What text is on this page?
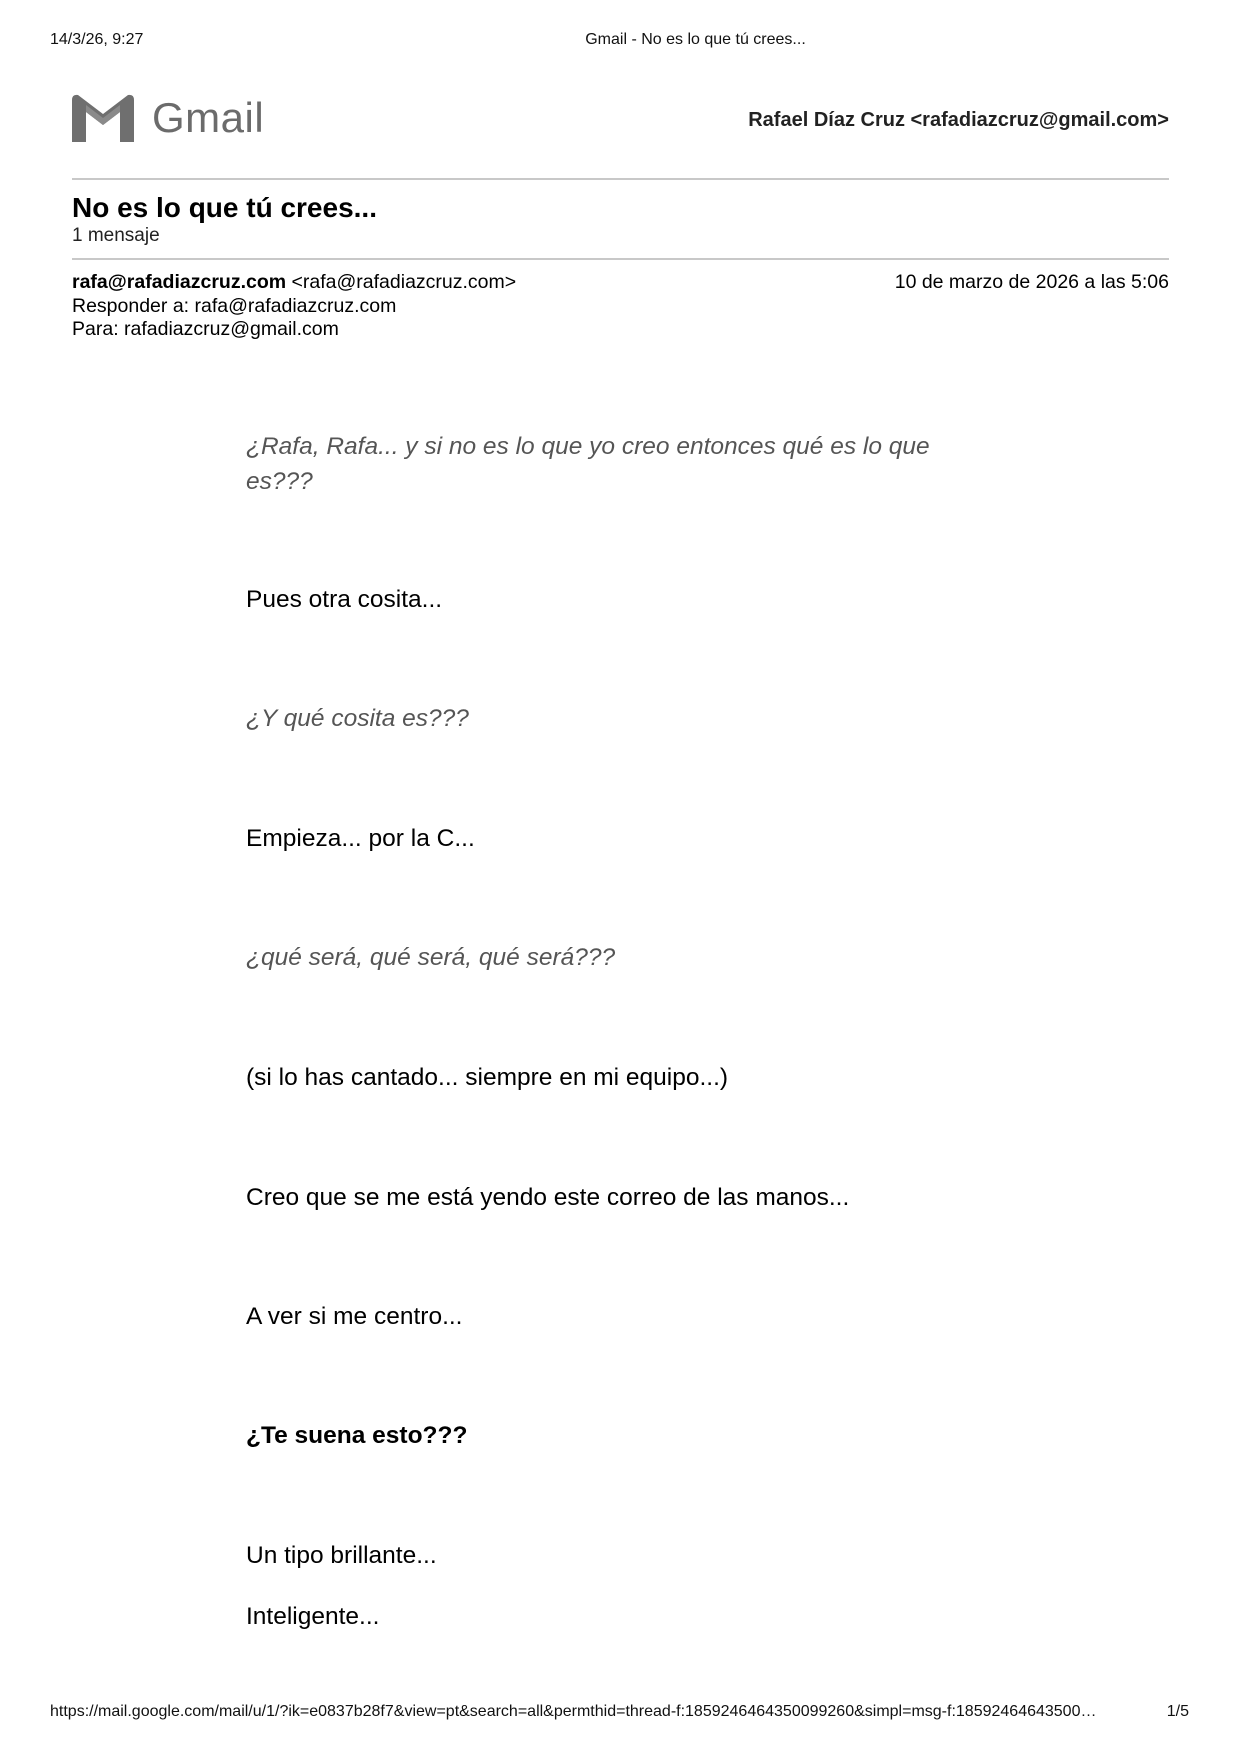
14/3/26, 9:27	Gmail - No es lo que tú crees...
Gmail	Rafael Díaz Cruz <rafadiazcruz@gmail.com>
No es lo que tú crees...
1 mensaje
rafa@rafadiazcruz.com <rafa@rafadiazcruz.com>
Responder a: rafa@rafadiazcruz.com
Para: rafadiazcruz@gmail.com
10 de marzo de 2026 a las 5:06
¿Rafa, Rafa... y si no es lo que yo creo entonces qué es lo que es???
Pues otra cosita...
¿Y qué cosita es???
Empieza... por la C...
¿qué será, qué será, qué será???
(si lo has cantado... siempre en mi equipo...)
Creo que se me está yendo este correo de las manos...
A ver si me centro...
¿Te suena esto???
Un tipo brillante...
Inteligente...
https://mail.google.com/mail/u/1/?ik=e0837b28f7&view=pt&search=all&permthid=thread-f:1859246464350099260&simpl=msg-f:18592464643500…	1/5
